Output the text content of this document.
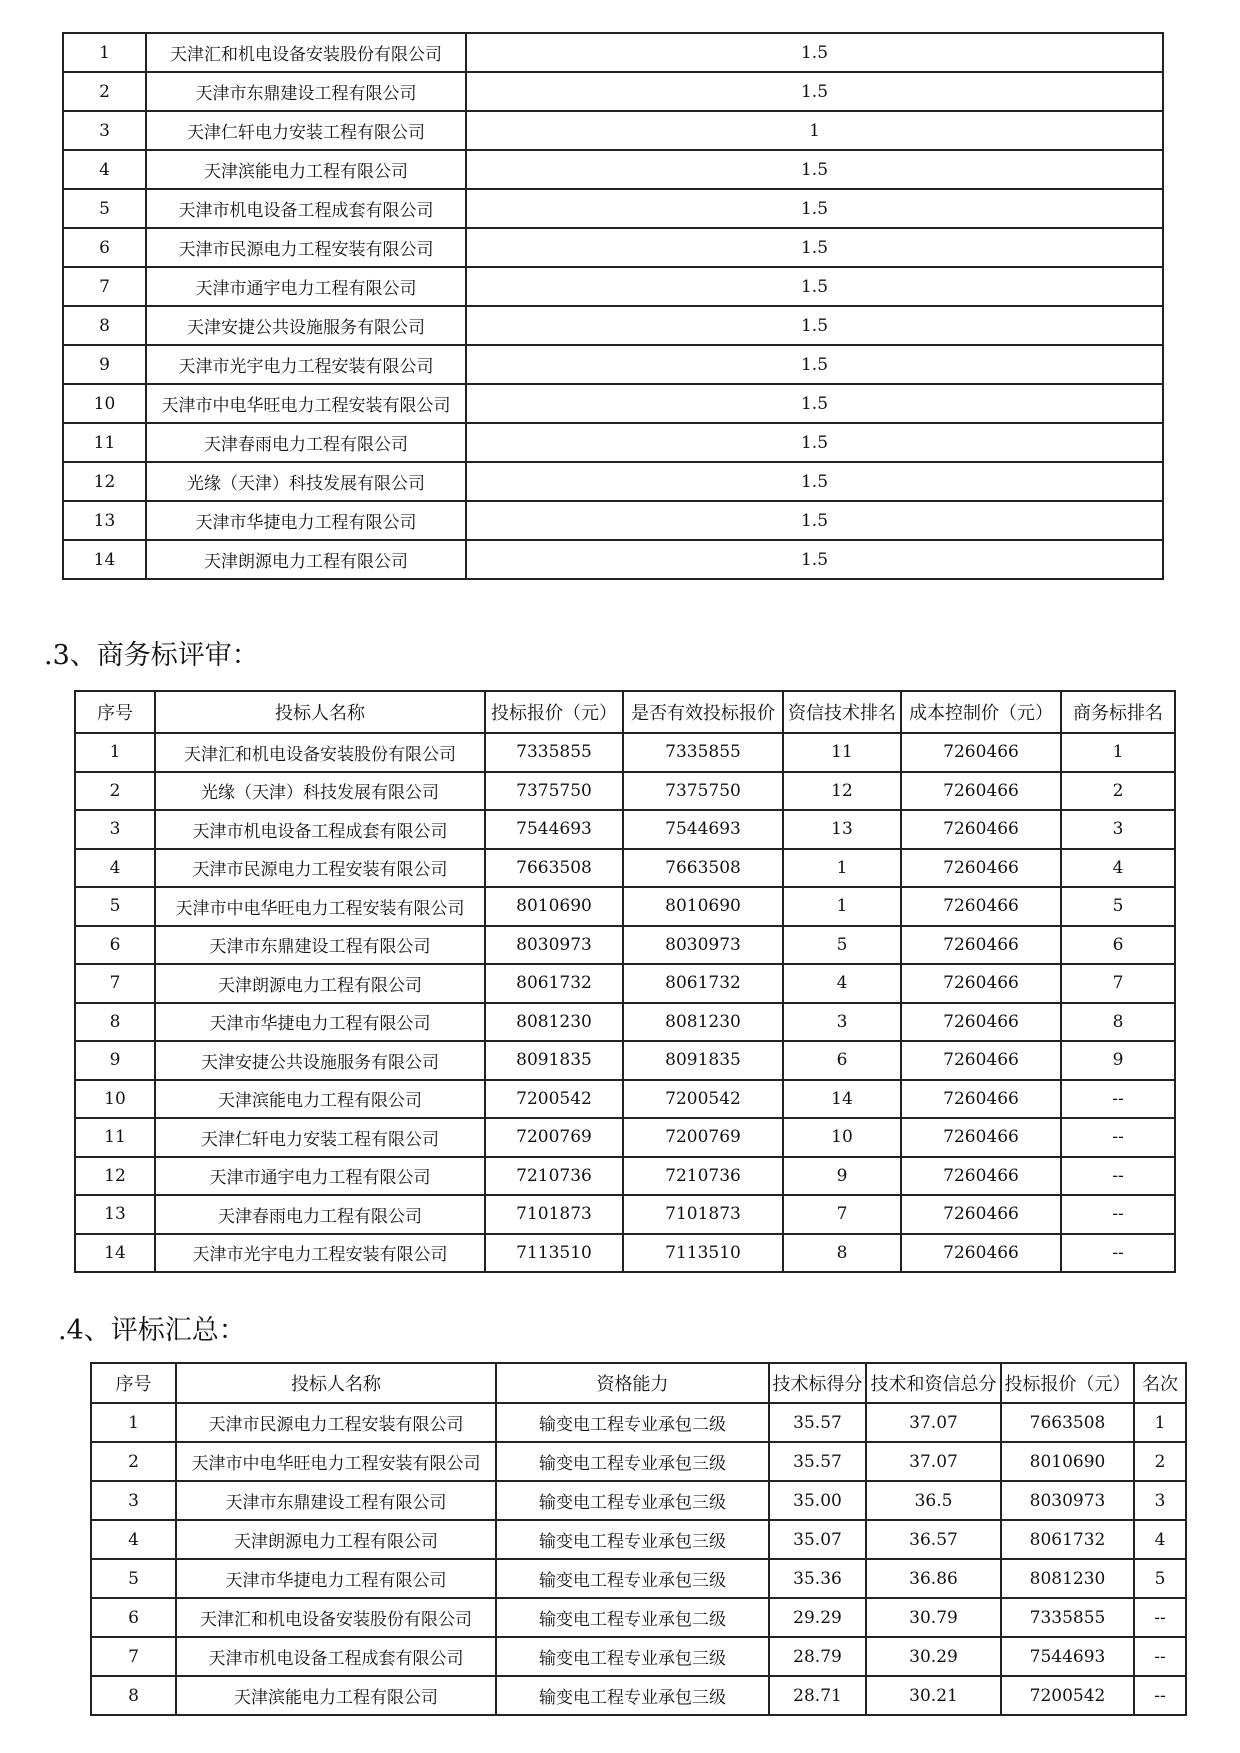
1	天津汇和机电设备安装股份有限公司	1.5
2	天津市东鼎建设工程有限公司	1.5
3	天津仁轩电力安装工程有限公司	1
4	天津滨能电力工程有限公司	1.5
5	天津市机电设备工程成套有限公司	1.5
6	天津市民源电力工程安装有限公司	1.5
7	天津市通宇电力工程有限公司	1.5
8	天津安捷公共设施服务有限公司	1.5
9	天津市光宇电力工程安装有限公司	1.5
10	天津市中电华旺电力工程安装有限公司	1.5
11	天津春雨电力工程有限公司	1.5
12	光缘（天津）科技发展有限公司	1.5
13	天津市华捷电力工程有限公司	1.5
14	天津朗源电力工程有限公司	1.5
.3、商务标评审：
序号	投标人名称	投标报价（元）	是否有效投标报价	资信技术排名	成本控制价（元）	商务标排名
1	天津汇和机电设备安装股份有限公司	7335855	7335855	11	7260466	1
2	光缘（天津）科技发展有限公司	7375750	7375750	12	7260466	2
3	天津市机电设备工程成套有限公司	7544693	7544693	13	7260466	3
4	天津市民源电力工程安装有限公司	7663508	7663508	1	7260466	4
5	天津市中电华旺电力工程安装有限公司	8010690	8010690	1	7260466	5
6	天津市东鼎建设工程有限公司	8030973	8030973	5	7260466	6
7	天津朗源电力工程有限公司	8061732	8061732	4	7260466	7
8	天津市华捷电力工程有限公司	8081230	8081230	3	7260466	8
9	天津安捷公共设施服务有限公司	8091835	8091835	6	7260466	9
10	天津滨能电力工程有限公司	7200542	7200542	14	7260466	--
11	天津仁轩电力安装工程有限公司	7200769	7200769	10	7260466	--
12	天津市通宇电力工程有限公司	7210736	7210736	9	7260466	--
13	天津春雨电力工程有限公司	7101873	7101873	7	7260466	--
14	天津市光宇电力工程安装有限公司	7113510	7113510	8	7260466	--
.4、评标汇总：
序号	投标人名称	资格能力	技术标得分	技术和资信总分	投标报价（元）	名次
1	天津市民源电力工程安装有限公司	输变电工程专业承包二级	35.57	37.07	7663508	1
2	天津市中电华旺电力工程安装有限公司	输变电工程专业承包三级	35.57	37.07	8010690	2
3	天津市东鼎建设工程有限公司	输变电工程专业承包三级	35.00	36.5	8030973	3
4	天津朗源电力工程有限公司	输变电工程专业承包三级	35.07	36.57	8061732	4
5	天津市华捷电力工程有限公司	输变电工程专业承包三级	35.36	36.86	8081230	5
6	天津汇和机电设备安装股份有限公司	输变电工程专业承包二级	29.29	30.79	7335855	--
7	天津市机电设备工程成套有限公司	输变电工程专业承包三级	28.79	30.29	7544693	--
8	天津滨能电力工程有限公司	输变电工程专业承包三级	28.71	30.21	7200542	--
